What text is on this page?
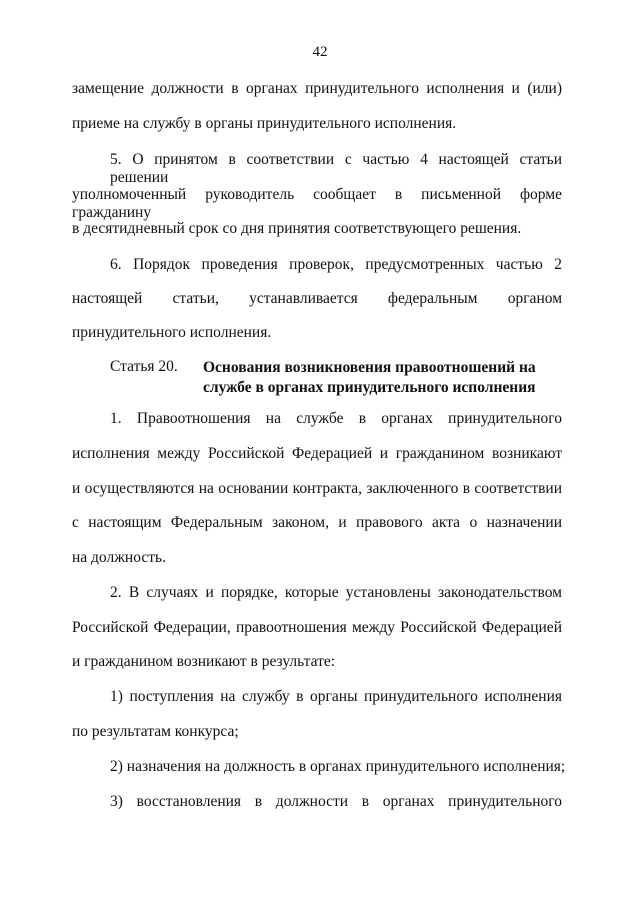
42
замещение должности в органах принудительного исполнения и (или)
приеме на службу в органы принудительного исполнения.
5. О принятом в соответствии с частью 4 настоящей статьи решении
уполномоченный руководитель сообщает в письменной форме гражданину
в десятидневный срок со дня принятия соответствующего решения.
6. Порядок проведения проверок, предусмотренных частью 2
настоящей статьи, устанавливается федеральным органом
принудительного исполнения.
Статья 20. Основания возникновения правоотношений на
службе в органах принудительного исполнения
1. Правоотношения на службе в органах принудительного
исполнения между Российской Федерацией и гражданином возникают
и осуществляются на основании контракта, заключенного в соответствии
с настоящим Федеральным законом, и правового акта о назначении
на должность.
2. В случаях и порядке, которые установлены законодательством
Российской Федерации, правоотношения между Российской Федерацией
и гражданином возникают в результате:
1) поступления на службу в органы принудительного исполнения
по результатам конкурса;
2) назначения на должность в органах принудительного исполнения;
3) восстановления в должности в органах принудительного
